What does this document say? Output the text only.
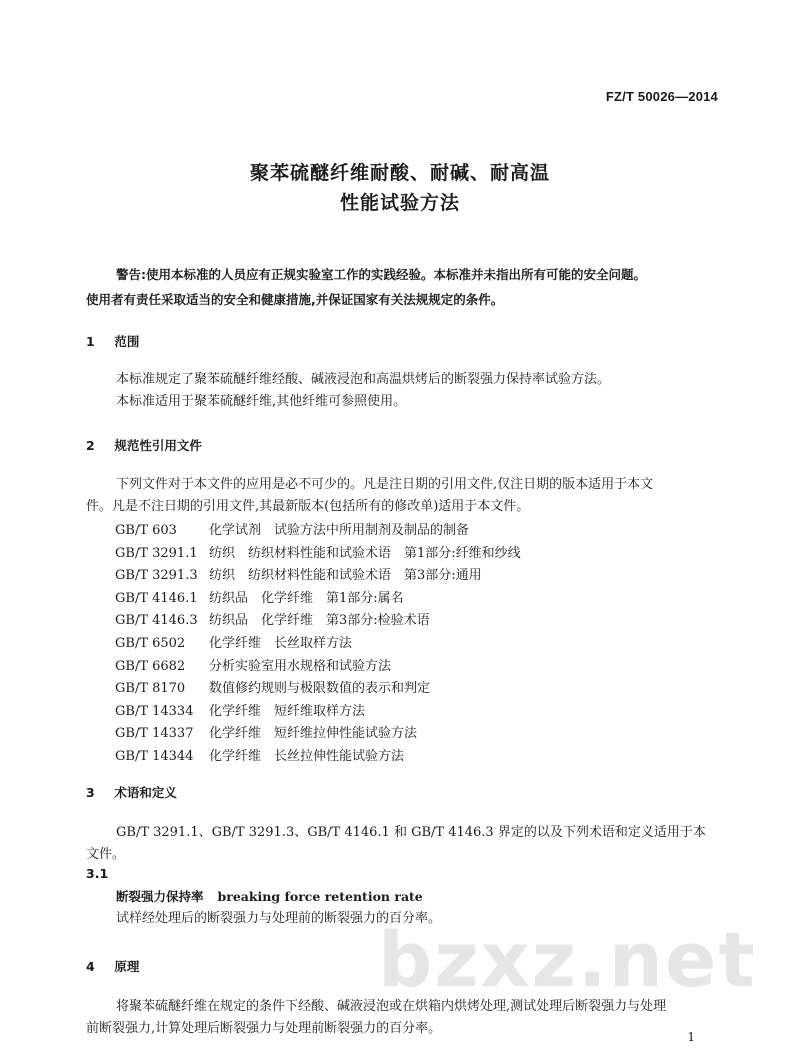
FZ/T 50026—2014
聚苯硫醚纤维耐酸、耐碱、耐高温
性能试验方法
警告:使用本标准的人员应有正规实验室工作的实践经验。本标准并未指出所有可能的安全问题。
使用者有责任采取适当的安全和健康措施,并保证国家有关法规规定的条件。
1 范围
本标准规定了聚苯硫醚纤维经酸、碱液浸泡和高温烘烤后的断裂强力保持率试验方法。
本标准适用于聚苯硫醚纤维,其他纤维可参照使用。
2 规范性引用文件
下列文件对于本文件的应用是必不可少的。凡是注日期的引用文件,仅注日期的版本适用于本文
件。凡是不注日期的引用文件,其最新版本(包括所有的修改单)适用于本文件。
GB/T 603 化学试剂　试验方法中所用制剂及制品的制备
GB/T 3291.1 纺织　纺织材料性能和试验术语　第1部分:纤维和纱线
GB/T 3291.3 纺织　纺织材料性能和试验术语　第3部分:通用
GB/T 4146.1 纺织品　化学纤维　第1部分:属名
GB/T 4146.3 纺织品　化学纤维　第3部分:检验术语
GB/T 6502 化学纤维　长丝取样方法
GB/T 6682 分析实验室用水规格和试验方法
GB/T 8170 数值修约规则与极限数值的表示和判定
GB/T 14334 化学纤维　短纤维取样方法
GB/T 14337 化学纤维　短纤维拉伸性能试验方法
GB/T 14344 化学纤维　长丝拉伸性能试验方法
3 术语和定义
GB/T 3291.1、GB/T 3291.3、GB/T 4146.1 和 GB/T 4146.3 界定的以及下列术语和定义适用于本
文件。
3.1
断裂强力保持率 breaking force retention rate
试样经处理后的断裂强力与处理前的断裂强力的百分率。
bzxz.net
4 原理
将聚苯硫醚纤维在规定的条件下经酸、碱液浸泡或在烘箱内烘烤处理,测试处理后断裂强力与处理
前断裂强力,计算处理后断裂强力与处理前断裂强力的百分率。
1
